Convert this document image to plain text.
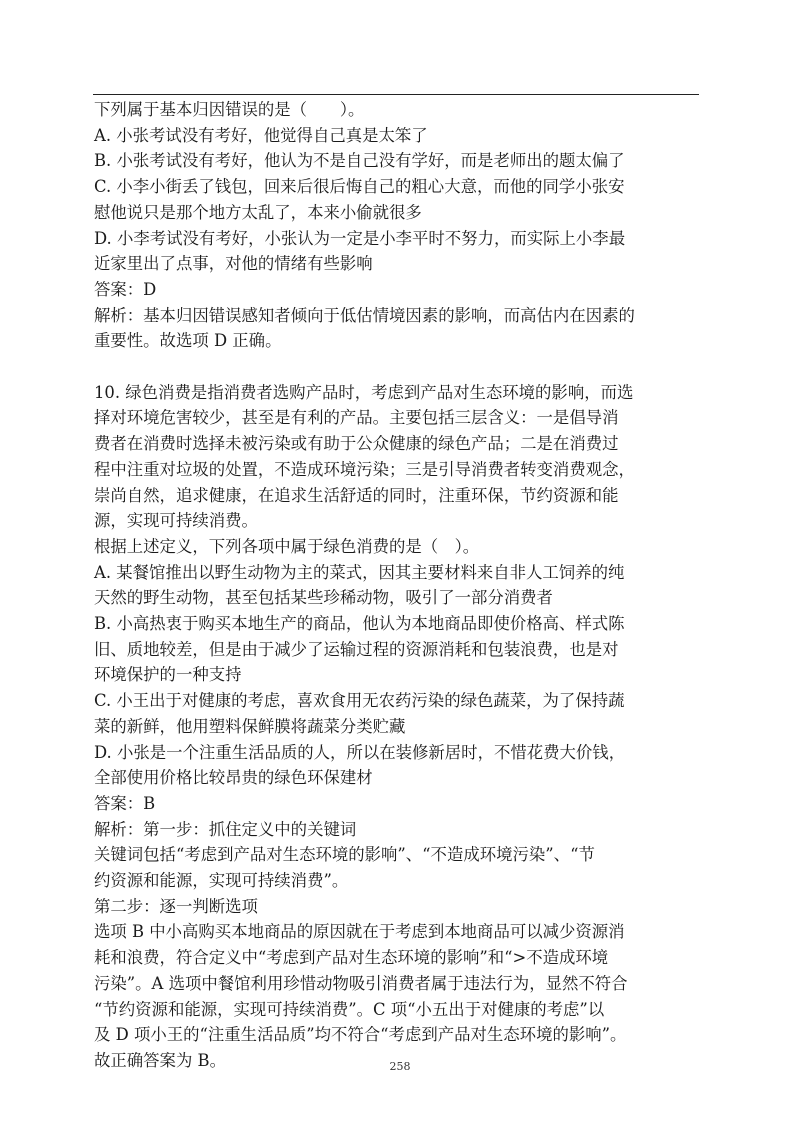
下列属于基本归因错误的是（　　）。

A. 小张考试没有考好，他觉得自己真是太笨了

B. 小张考试没有考好，他认为不是自己没有学好，而是老师出的题太偏了

C. 小李小街丢了钱包，回来后很后悔自己的粗心大意，而他的同学小张安

慰他说只是那个地方太乱了，本来小偷就很多

D. 小李考试没有考好，小张认为一定是小李平时不努力，而实际上小李最

近家里出了点事，对他的情绪有些影响

答案：D

解析：基本归因错误感知者倾向于低估情境因素的影响，而高估内在因素的

重要性。故选项 D 正确。

10. 绿色消费是指消费者选购产品时，考虑到产品对生态环境的影响，而选

择对环境危害较少，甚至是有利的产品。主要包括三层含义：一是倡导消

费者在消费时选择未被污染或有助于公众健康的绿色产品；二是在消费过

程中注重对垃圾的处置，不造成环境污染；三是引导消费者转变消费观念，

崇尚自然，追求健康，在追求生活舒适的同时，注重环保，节约资源和能

源，实现可持续消费。

根据上述定义，下列各项中属于绿色消费的是（　）。

A. 某餐馆推出以野生动物为主的菜式，因其主要材料来自非人工饲养的纯

天然的野生动物，甚至包括某些珍稀动物，吸引了一部分消费者

B. 小高热衷于购买本地生产的商品，他认为本地商品即使价格高、样式陈

旧、质地较差，但是由于减少了运输过程的资源消耗和包装浪费，也是对

环境保护的一种支持

C. 小王出于对健康的考虑，喜欢食用无农药污染的绿色蔬菜，为了保持蔬

菜的新鲜，他用塑料保鲜膜将蔬菜分类贮藏

D. 小张是一个注重生活品质的人，所以在装修新居时，不惜花费大价钱，

全部使用价格比较昂贵的绿色环保建材

答案：B

解析：第一步：抓住定义中的关键词

关键词包括“考虑到产品对生态环境的影响”、“不造成环境污染”、“节

约资源和能源，实现可持续消费”。

第二步：逐一判断选项

选项 B 中小高购买本地商品的原因就在于考虑到本地商品可以减少资源消

耗和浪费，符合定义中“考虑到产品对生态环境的影响”和“>不造成环境

污染”。A 选项中餐馆利用珍惜动物吸引消费者属于违法行为，显然不符合

“节约资源和能源，实现可持续消费”。C 项“小五出于对健康的考虑”以

及 D 项小王的“注重生活品质”均不符合“考虑到产品对生态环境的影响”。

故正确答案为 B。	258
